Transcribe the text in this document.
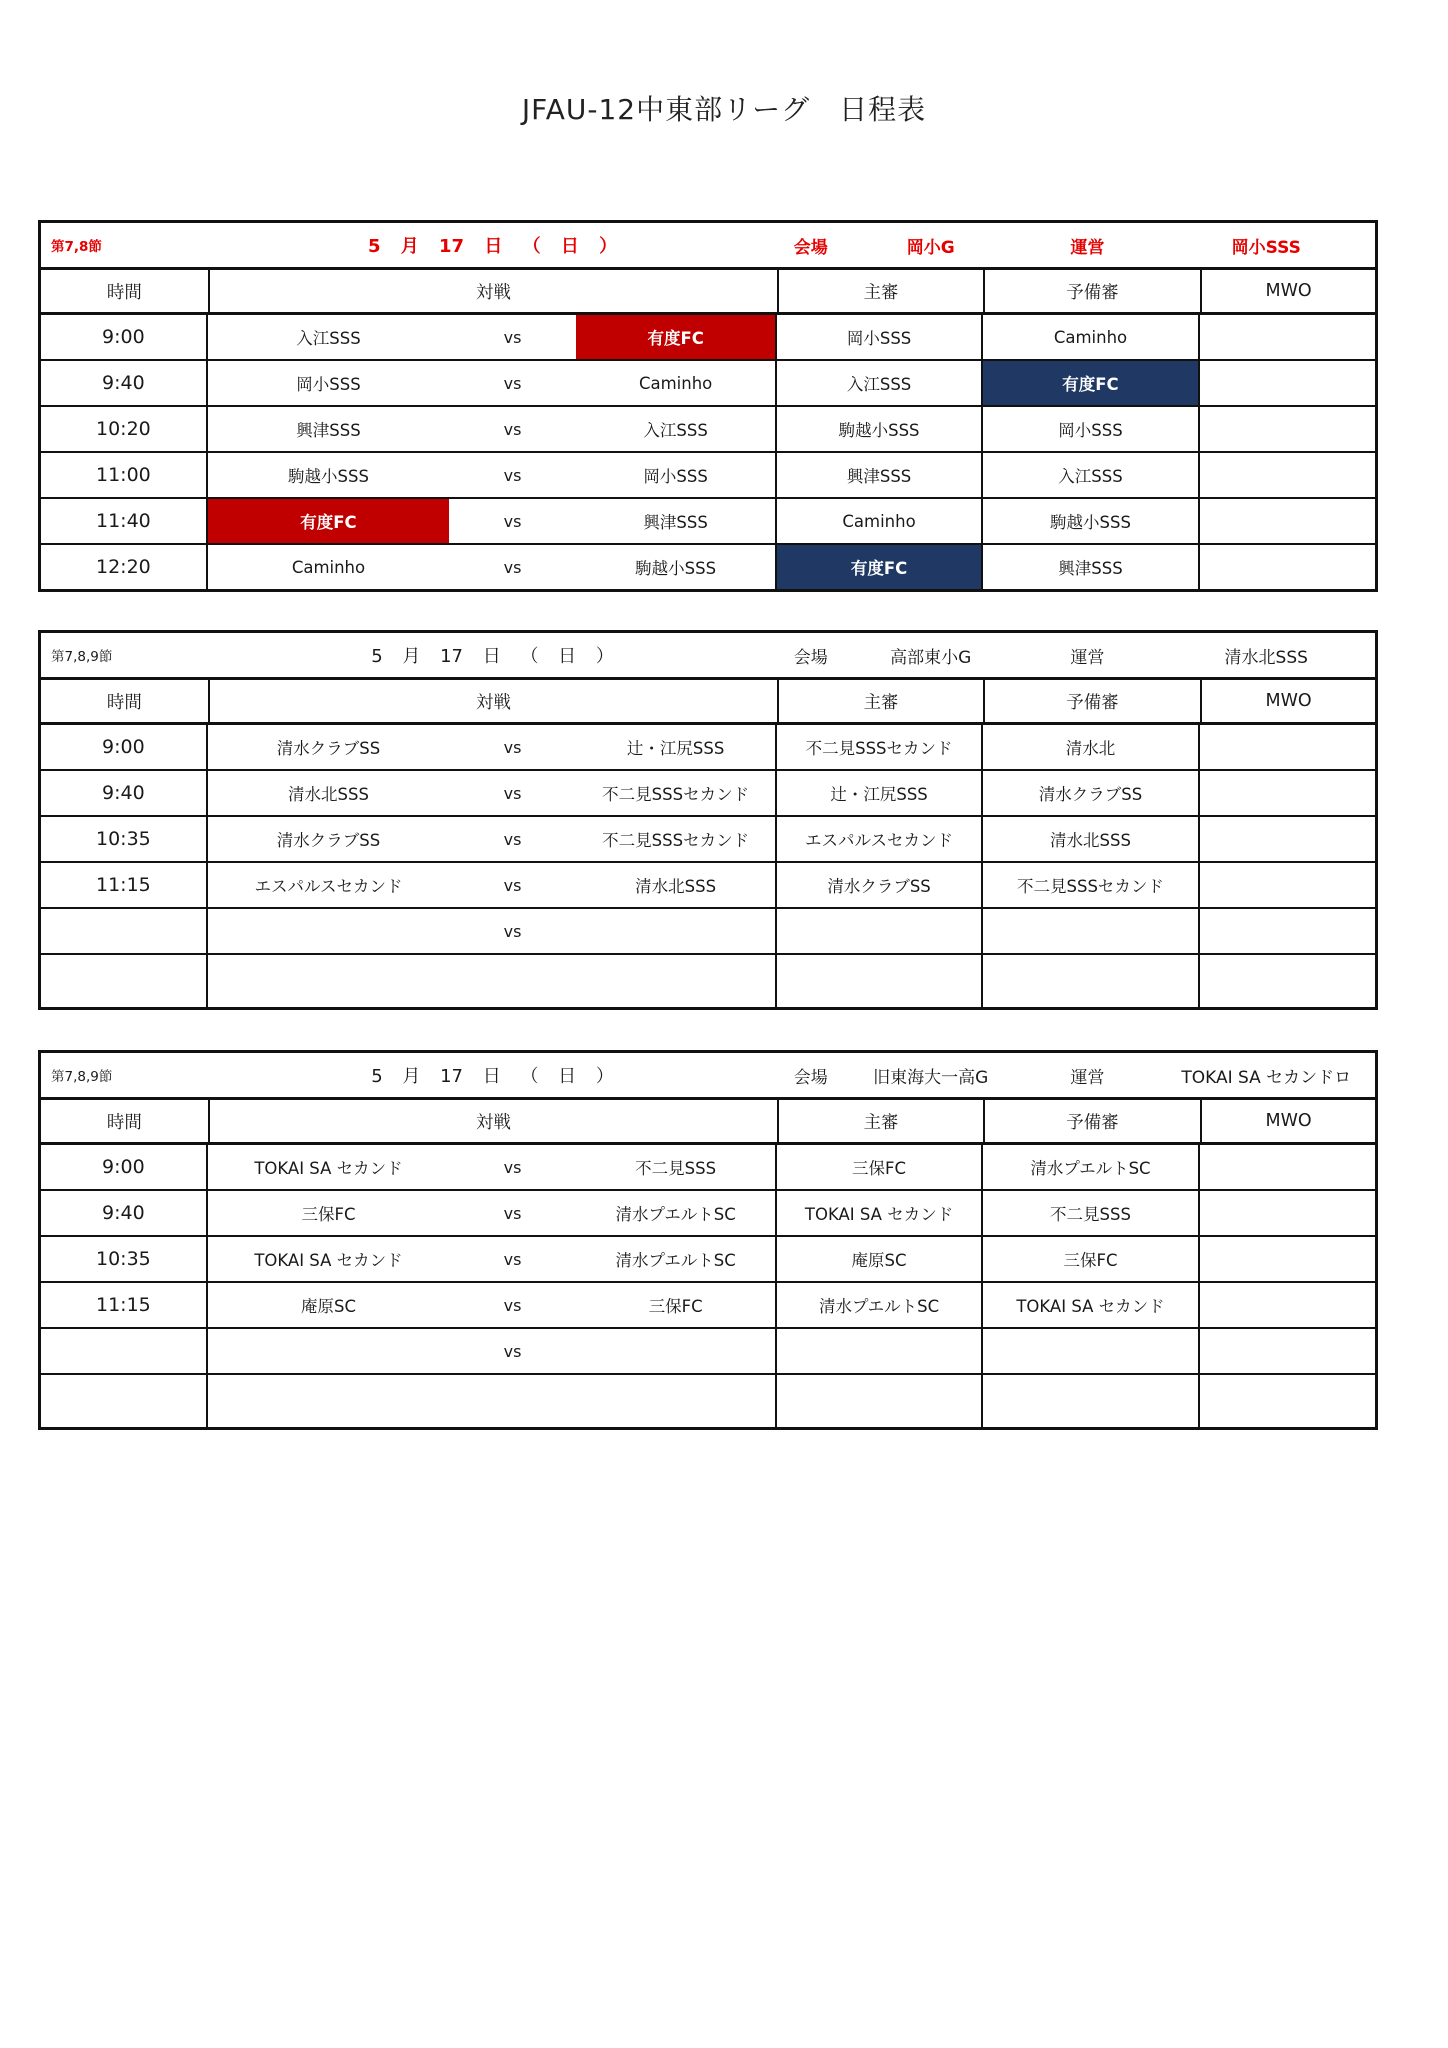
JFAU-12中東部リーグ　日程表
第7,8節	5 月 17 日 （ 日 ）	会場	岡小G	運営	岡小SSS
時間	対戦	主審	予備審	MWO
9:00	入江SSS	vs	有度FC	岡小SSS	Caminho
9:40	岡小SSS	vs	Caminho	入江SSS	有度FC
10:20	興津SSS	vs	入江SSS	駒越小SSS	岡小SSS
11:00	駒越小SSS	vs	岡小SSS	興津SSS	入江SSS
11:40	有度FC	vs	興津SSS	Caminho	駒越小SSS
12:20	Caminho	vs	駒越小SSS	有度FC	興津SSS
第7,8,9節	5 月 17 日 （ 日 ）	会場	高部東小G	運営	清水北SSS
時間	対戦	主審	予備審	MWO
9:00	清水クラブSS	vs	辻・江尻SSS	不二見SSSセカンド	清水北
9:40	清水北SSS	vs	不二見SSSセカンド	辻・江尻SSS	清水クラブSS
10:35	清水クラブSS	vs	不二見SSSセカンド	エスパルスセカンド	清水北SSS
11:15	エスパルスセカンド	vs	清水北SSS	清水クラブSS	不二見SSSセカンド
vs
第7,8,9節	5 月 17 日 （ 日 ）	会場	旧東海大一高G	運営	TOKAI SA セカンドロ
時間	対戦	主審	予備審	MWO
9:00	TOKAI SA セカンド	vs	不二見SSS	三保FC	清水プエルトSC
9:40	三保FC	vs	清水プエルトSC	TOKAI SA セカンド	不二見SSS
10:35	TOKAI SA セカンド	vs	清水プエルトSC	庵原SC	三保FC
11:15	庵原SC	vs	三保FC	清水プエルトSC	TOKAI SA セカンド
vs
